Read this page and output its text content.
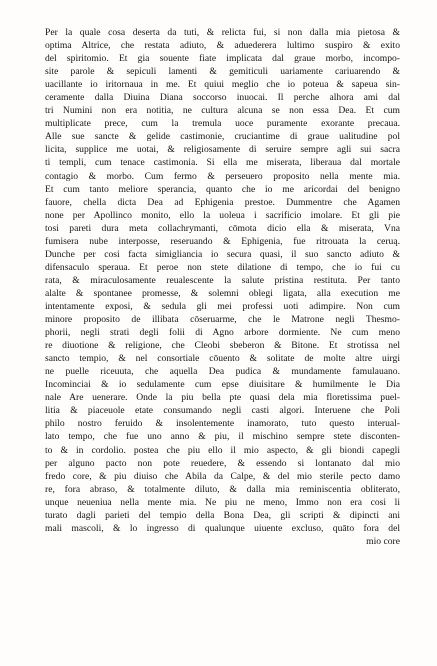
Per la quale cosa deserta da tuti, & relicta fui, si non dalla mia pietosa &
optima Altrice, che restata adiuto, & aduederera lultimo suspiro & exito
del spiritomio. Et gia souente fiate implicata dal graue morbo, incompo-
site parole & sepiculi lamenti & gemiticuli uariamente cariuarendo &
uacillante io iritornaua in me. Et quiui meglio che io poteua & sapeua sin-
ceramente dalla Diuina Diana soccorso inuocai. Il perche alhora ami dal
tri Numini non era notitia, ne cultura alcuna se non essa Dea. Et cum
multiplicate prece, cum la tremula uoce puramente exorante precaua.
Alle sue sancte & gelide castimonie, cruciantime di graue ualitudine pol
licita, supplice me uotai, & religiosamente di seruire sempre agli sui sacra
ti templi, cum tenace castimonia. Si ella me miserata, liberaua dal mortale
contagio & morbo. Cum fermo & perseuero proposito nella mente mia.
Et cum tanto meliore sperancia, quanto che io me aricordai del benigno
fauore, chella dicta Dea ad Ephigenia prestoe. Dummentre che Agamen
none per Apollinco monito, ello la uoleua i sacrificio imolare. Et gli pie
tosi pareti dura meta collachrymanti, cōmota dicio ella & miserata, Vna
fumisera nube interposse, reseruando & Ephigenia, fue ritrouata la ceruą.
Dunche per cosi facta simigliancia io secura quasi, il suo sancto adiuto &
difensaculo speraua. Et peroe non stete dilatione di tempo, che io fui cu
rata, & miraculosamente reualescente la salute pristina restituta. Per tanto
alalte & spontanee promesse, & solemni oblegi ligata, alla execution me
intentamente exposi, & sedula gli mei professi uoti adimpire. Non cum
minore proposito de illibata cōseruarme, che le Matrone negli Thesmo-
phorii, negli strati degli folii di Agno arbore dormiente. Ne cum meno
re diuotione & religione, che Cleobi sbeberon & Bitone. Et strotissa nel
sancto tempio, & nel consortiale cōuento & solitate de molte altre uirgi
ne puelle riceuuta, che aquella Dea pudica & mundamente famulauano.
Incominciai & io sedulamente cum epse diuisitare & humilmente le Dia
nale Are uenerare. Onde la piu bella pte quasi dela mia floretissima puel-
litia & piaceuole etate consumando negli casti algori. Interuene che Poli
philo nostro feruido & insolentemente inamorato, tuto questo interual-
lato tempo, che fue uno anno & piu, il mischino sempre stete disconten-
to & in cordolio. postea che piu ello il mio aspecto, & gli biondi capegli
per alguno pacto non pote reuedere, & essendo si lontanato dal mio
fredo core, & piu diuiso che Abila da Calpe, & del mio sterile pecto damo
re, fora abraso, & totalmente diluto, & dalla mia reminiscentia obliterato,
unque neueniua nella mente mia. Ne piu ne meno, Immo non era cosi li
turato dagli parieti del tempio della Bona Dea, gli scripti & dipincti ani
mali mascoli, & lo ingresso di qualunque uiuente excluso, quāto fora del
mio core
